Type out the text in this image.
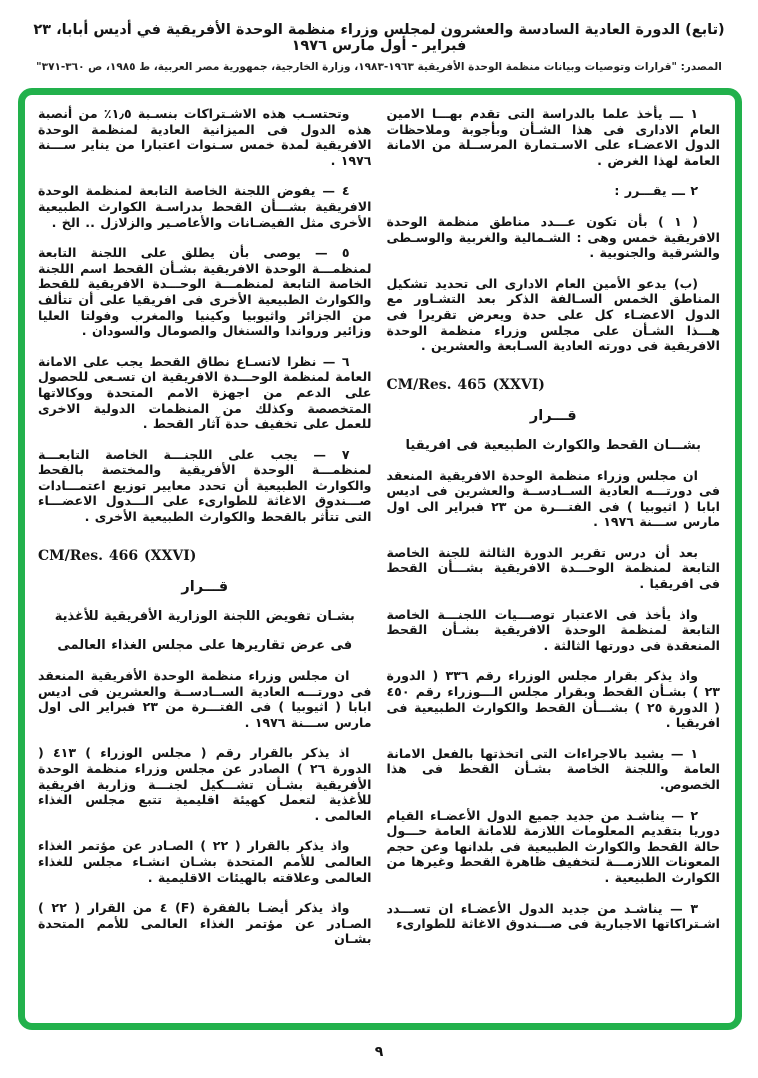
(تابع) الدورة العادية السادسة والعشرون لمجلس وزراء منظمة الوحدة الأفريقية في أديس أبابا، ٢٣ فبراير - أول مارس ١٩٧٦
المصدر: "قرارات وتوصيات وبيانات منظمة الوحدة الأفريقية ١٩٦٣-١٩٨٣، وزارة الخارجية، جمهورية مصر العربية، ط ١٩٨٥، ص ٣٦٠-٣٧١"
١ ـــ يأخذ علما بالدراسة التى تقدم بهـــا الامين العام الادارى فى هذا الشـأن وبأجوبة وملاحظات الدول الاعضـاء على الاسـتمارة المرســلة من الامانة العامة لهذا الغرض .
٢ ـــ يقـــرر :
( ١ ) بأن تكون عـــدد مناطق منظمة الوحدة الافريقية خمس وهى : الشـمالية والغربية والوسـطى والشرقية والجنوبية .
(ب) يدعو الأمين العام الادارى الى تحديد تشكيل المناطق الخمس السـالفة الذكر بعد التشـاور مع الدول الاعضـاء كل على حدة ويعرض تقريرا فى هـــذا الشـأن على مجلس وزراء منظمة الوحدة الافريقية فى دورته العادية السـابعة والعشرين .
CM/Res. 465 (XXVI)
قـــرار
بشـــان القحط والكوارث الطبيعية فى افريقيا
ان مجلس وزراء منظمة الوحدة الافريقية المنعقد فى دورتـــه العادية الســادســة والعشرين فى اديس ابابا ( اثيوبيا ) فى الفتـــرة من ٢٣ فبراير الى اول مارس ســـنة ١٩٧٦ .
بعد أن درس تقرير الدورة الثالثة للجنة الخاصة التابعة لمنظمة الوحـــدة الافريقية بشـــأن القحط فى افريقيا .
واذ يأخذ فى الاعتبار توصـــيات اللجنـــة الخاصة التابعة لمنظمة الوحدة الافريقية بشـأن القحط المنعقدة فى دورتها الثالثة .
واذ يذكر بقرار مجلس الوزراء رقم ٣٣٦ ( الدورة ٢٣ ) بشـأن القحط وبقرار مجلس الـــوزراء رقم ٤٥٠ ( الدورة ٢٥ ) بشـــأن القحط والكوارث الطبيعية فى افريقيا .
١ — يشيد بالاجراءات التى اتخذتها بالفعل الامانة العامة واللجنة الخاصة بشـأن القحط فى هذا الخصوص.
٢ — يناشـد من جديد جميع الدول الأعضـاء القيام دوريا بتقديم المعلومات اللازمة للامانة العامة حـــول حالة القحط والكوارث الطبيعية فى بلدانها وعن حجم المعونات اللازمـــة لتخفيف ظاهرة القحط وغيرها من الكوارث الطبيعية .
٣ — يناشـد من جديد الدول الأعضـاء ان تســـدد اشـتراكاتها الاجبارية فى صـــندوق الاغاثة للطوارىء
وتحتسـب هذه الاشـتراكات بنسـبة ١٫٥٪ من أنصبة هذه الدول فى الميزانية العادية لمنظمة الوحدة الافريقية لمدة خمس سـنوات اعتبارا من يناير ســـنة ١٩٧٦ .
٤ — يفوض اللجنة الخاصة التابعة لمنظمة الوحدة الافريقية بشـــأن القحط بدراسـة الكوارث الطبيعية الأخرى مثل الفيضـانات والأعاصـير والزلازل .. الخ .
٥ — يوصى بأن يطلق على اللجنة التابعة لمنظمـــة الوحدة الافريقية بشـأن القحط اسم اللجنة الخاصة التابعة لمنظمـــة الوحـــدة الافريقية للقحط والكوارث الطبيعية الأخرى فى افريقيا على أن تتألف من الجزائر واثيوبيا وكينيا والمغرب وفولتا العليا وزائير ورواندا والسنغال والصومال والسودان .
٦ — نظرا لاتسـاع نطاق القحط يجب على الامانة العامة لمنظمة الوحـــدة الافريقية ان تسـعى للحصول على الدعم من اجهزة الامم المتحدة ووكالاتها المتخصصة وكذلك من المنظمات الدولية الاخرى للعمل على تخفيف حدة آثار القحط .
٧ — يجب على اللجنـــة الخاصة التابعـــة لمنظمـــة الوحدة الأفريقية والمختصة بالقحط والكوارث الطبيعية أن تحدد معايير توزيع اعتمـــادات صـــندوق الاغاثة للطوارىء على الـــدول الاعضـــاء التى تتأثر بالقحط والكوارث الطبيعية الأخرى .
CM/Res. 466 (XXVI)
قـــرار
بشـان تفويض اللجنة الوزارية الأفريقية للأغذية
فى عرض تقاريرها على مجلس الغذاء العالمى
ان مجلس وزراء منظمة الوحدة الأفريقية المنعقد فى دورتـــه العادية الســادســة والعشرين فى اديس ابابا ( اثيوبيا ) فى الفتـــرة من ٢٣ فبراير الى اول مارس ســـنة ١٩٧٦ .
اذ يذكر بالقرار رقم ( مجلس الوزراء ) ٤١٣ ( الدورة ٢٦ ) الصادر عن مجلس وزراء منظمة الوحدة الأفريقية بشـأن تشـــكيل لجنـــة وزارية افريقية للأغذية لتعمل كهيئة اقليمية تتبع مجلس الغذاء العالمى .
واذ يذكر بالقرار ( ٢٢ ) الصـادر عن مؤتمر الغذاء العالمى للأمم المتحدة بشـان انشـاء مجلس للغذاء العالمى وعلاقته بالهيئات الاقليمية .
واذ يذكر أيضـا بالفقرة (F) ٤ من القرار ( ٢٢ ) الصـادر عن مؤتمر الغذاء العالمى للأمم المتحدة بشـان
٩
